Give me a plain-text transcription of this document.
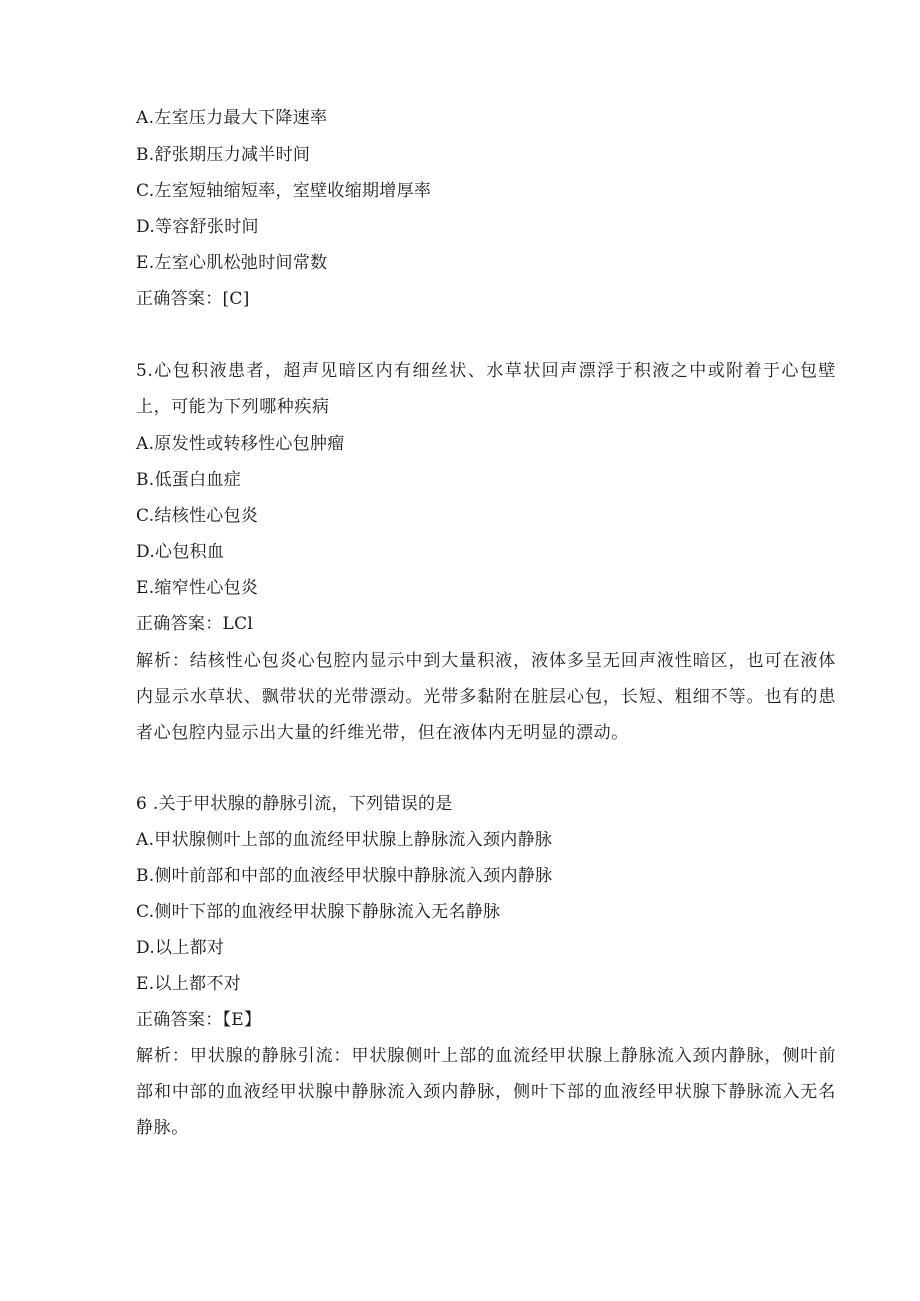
A.左室压力最大下降速率
B.舒张期压力减半时间
C.左室短轴缩短率，室壁收缩期增厚率
D.等容舒张时间
E.左室心肌松弛时间常数
正确答案：[C]
5.心包积液患者，超声见暗区内有细丝状、水草状回声漂浮于积液之中或附着于心包壁上，可能为下列哪种疾病
A.原发性或转移性心包肿瘤
B.低蛋白血症
C.结核性心包炎
D.心包积血
E.缩窄性心包炎
正确答案：LCl
解析：结核性心包炎心包腔内显示中到大量积液，液体多呈无回声液性暗区，也可在液体内显示水草状、飘带状的光带漂动。光带多黏附在脏层心包，长短、粗细不等。也有的患者心包腔内显示出大量的纤维光带，但在液体内无明显的漂动。
6 .关于甲状腺的静脉引流，下列错误的是
A.甲状腺侧叶上部的血流经甲状腺上静脉流入颈内静脉
B.侧叶前部和中部的血液经甲状腺中静脉流入颈内静脉
C.侧叶下部的血液经甲状腺下静脉流入无名静脉
D.以上都对
E.以上都不对
正确答案：【E】
解析：甲状腺的静脉引流：甲状腺侧叶上部的血流经甲状腺上静脉流入颈内静脉，侧叶前部和中部的血液经甲状腺中静脉流入颈内静脉，侧叶下部的血液经甲状腺下静脉流入无名静脉。
